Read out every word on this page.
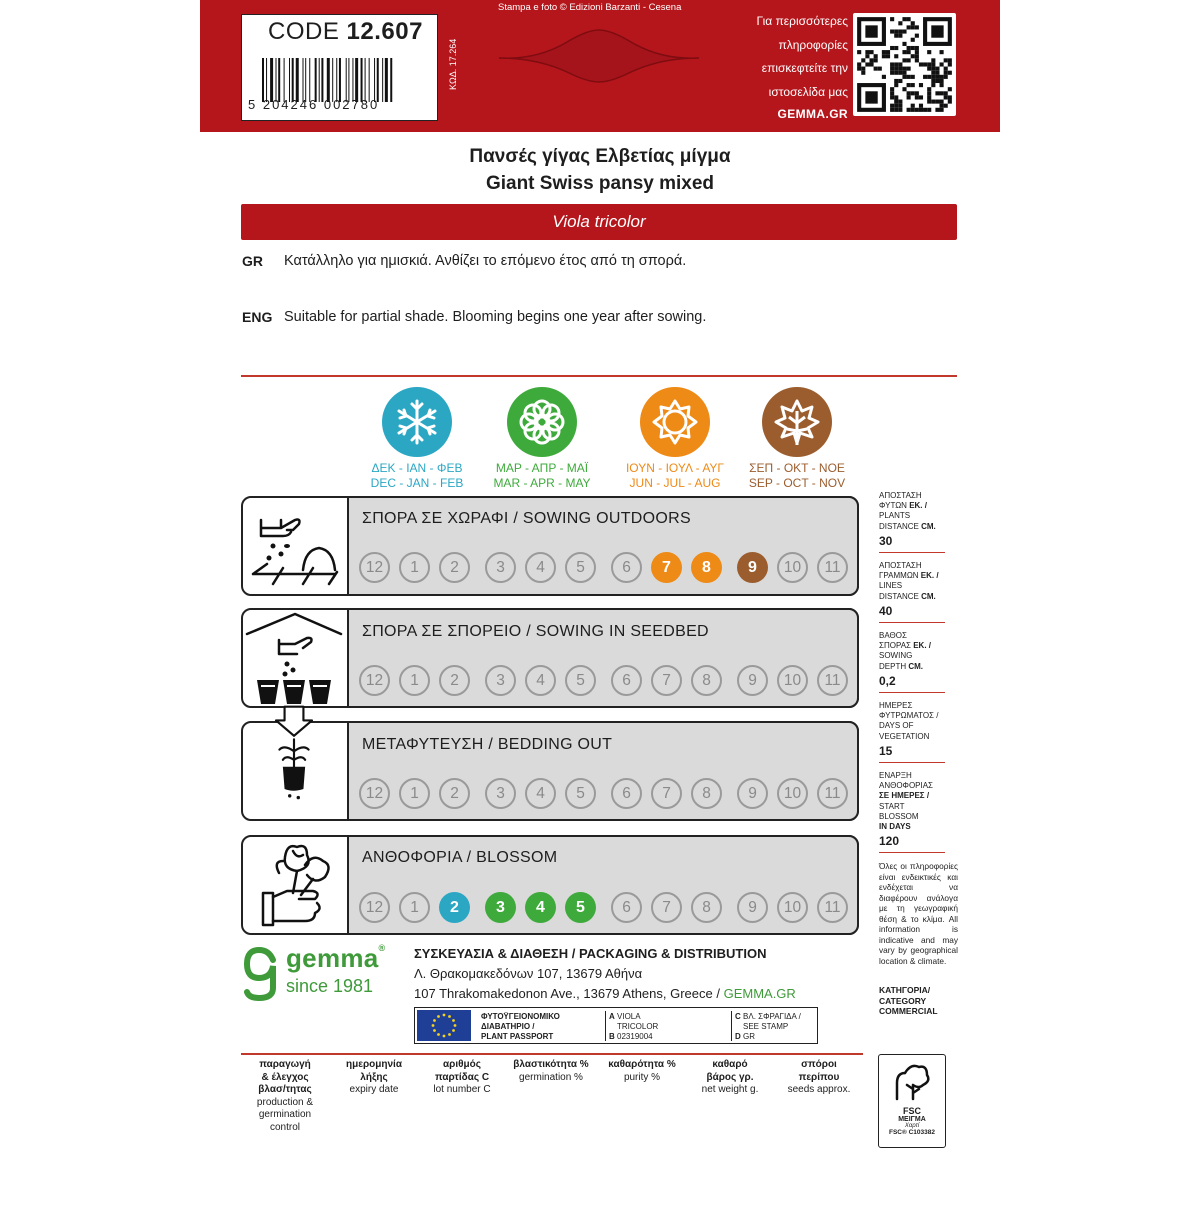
CODE 12.607
5 204246 002780
ΚΩΔ. 17.264
Stampa e foto © Edizioni Barzanti - Cesena
Για περισσότερες
πληροφορίες
επισκεφτείτε την
ιστοσελίδα μας
GEMMA.GR
Πανσές γίγας Ελβετίας μίγμα
Giant Swiss pansy mixed
Viola tricolor
GR Κατάλληλο για ημισκιά. Ανθίζει το επόμενο έτος από τη σπορά.
ENG Suitable for partial shade. Blooming begins one year after sowing.
ΔΕΚ - ΙΑΝ - ΦΕΒ
DEC - JAN - FEB
ΜΑΡ - ΑΠΡ - ΜΑΪ
MAR - APR - MAY
ΙΟΥΝ - ΙΟΥΛ - ΑΥΓ
JUN - JUL - AUG
ΣΕΠ - ΟΚΤ - ΝΟΕ
SEP - OCT - NOV
ΣΠΟΡΑ ΣΕ ΧΩΡΑΦΙ / SOWING OUTDOORS
12	1	2	3	4	5	6	7	8	9	10	11
ΣΠΟΡΑ ΣΕ ΣΠΟΡΕΙΟ / SOWING IN SEEDBED
12	1	2	3	4	5	6	7	8	9	10	11
ΜΕΤΑΦΥΤΕΥΣΗ / BEDDING OUT
12	1	2	3	4	5	6	7	8	9	10	11
ΑΝΘΟΦΟΡΙΑ / BLOSSOM
12	1	2	3	4	5	6	7	8	9	10	11
ΑΠΟΣΤΑΣΗ
ΦΥΤΩΝ ΕΚ. /
PLANTS
DISTANCE CM.
30
ΑΠΟΣΤΑΣΗ
ΓΡΑΜΜΩΝ ΕΚ. /
LINES
DISTANCE CM.
40
ΒΑΘΟΣ
ΣΠΟΡΑΣ ΕΚ. /
SOWING
DEPTH CM.
0,2
ΗΜΕΡΕΣ
ΦΥΤΡΩΜΑΤΟΣ /
DAYS OF
VEGETATION
15
ΕΝΑΡΞΗ
ΑΝΘΟΦΟΡΙΑΣ
ΣΕ ΗΜΕΡΕΣ /
START
BLOSSOM
IN DAYS
120
Όλες οι πληροφορίες είναι ενδεικτικές και ενδέχεται να διαφέρουν ανάλογα με τη γεωγραφική θέση & το κλίμα. All information is indicative and may vary by geographical location & climate.
ΚΑΤΗΓΟΡΙΑ/
CATEGORY
COMMERCIAL
gemma®
since 1981
ΣΥΣΚΕΥΑΣΙΑ & ΔΙΑΘΕΣΗ / PACKAGING & DISTRIBUTION
Λ. Θρακομακεδόνων 107, 13679 Αθήνα
107 Thrakomakedonon Ave., 13679 Athens, Greece / GEMMA.GR
ΦΥΤΟΫΓΕΙΟΝΟΜΙΚΟ
ΔΙΑΒΑΤΗΡΙΟ /
PLANT PASSPORT
A VIOLA
TRICOLOR
B 02319004
C ΒΛ. ΣΦΡΑΓΙΔΑ /
SEE STAMP
D GR
παραγωγή
& έλεγχος
βλασ/τητας
production &
germination
control
ημερομηνία
λήξης
expiry date
αριθμός
παρτίδας C
lot number C
βλαστικότητα %
germination %
καθαρότητα %
purity %
καθαρό
βάρος γρ.
net weight g.
σπόροι
περίπου
seeds approx.
FSC
ΜΕΙΓΜΑ
Χαρτί
FSC® C103382
